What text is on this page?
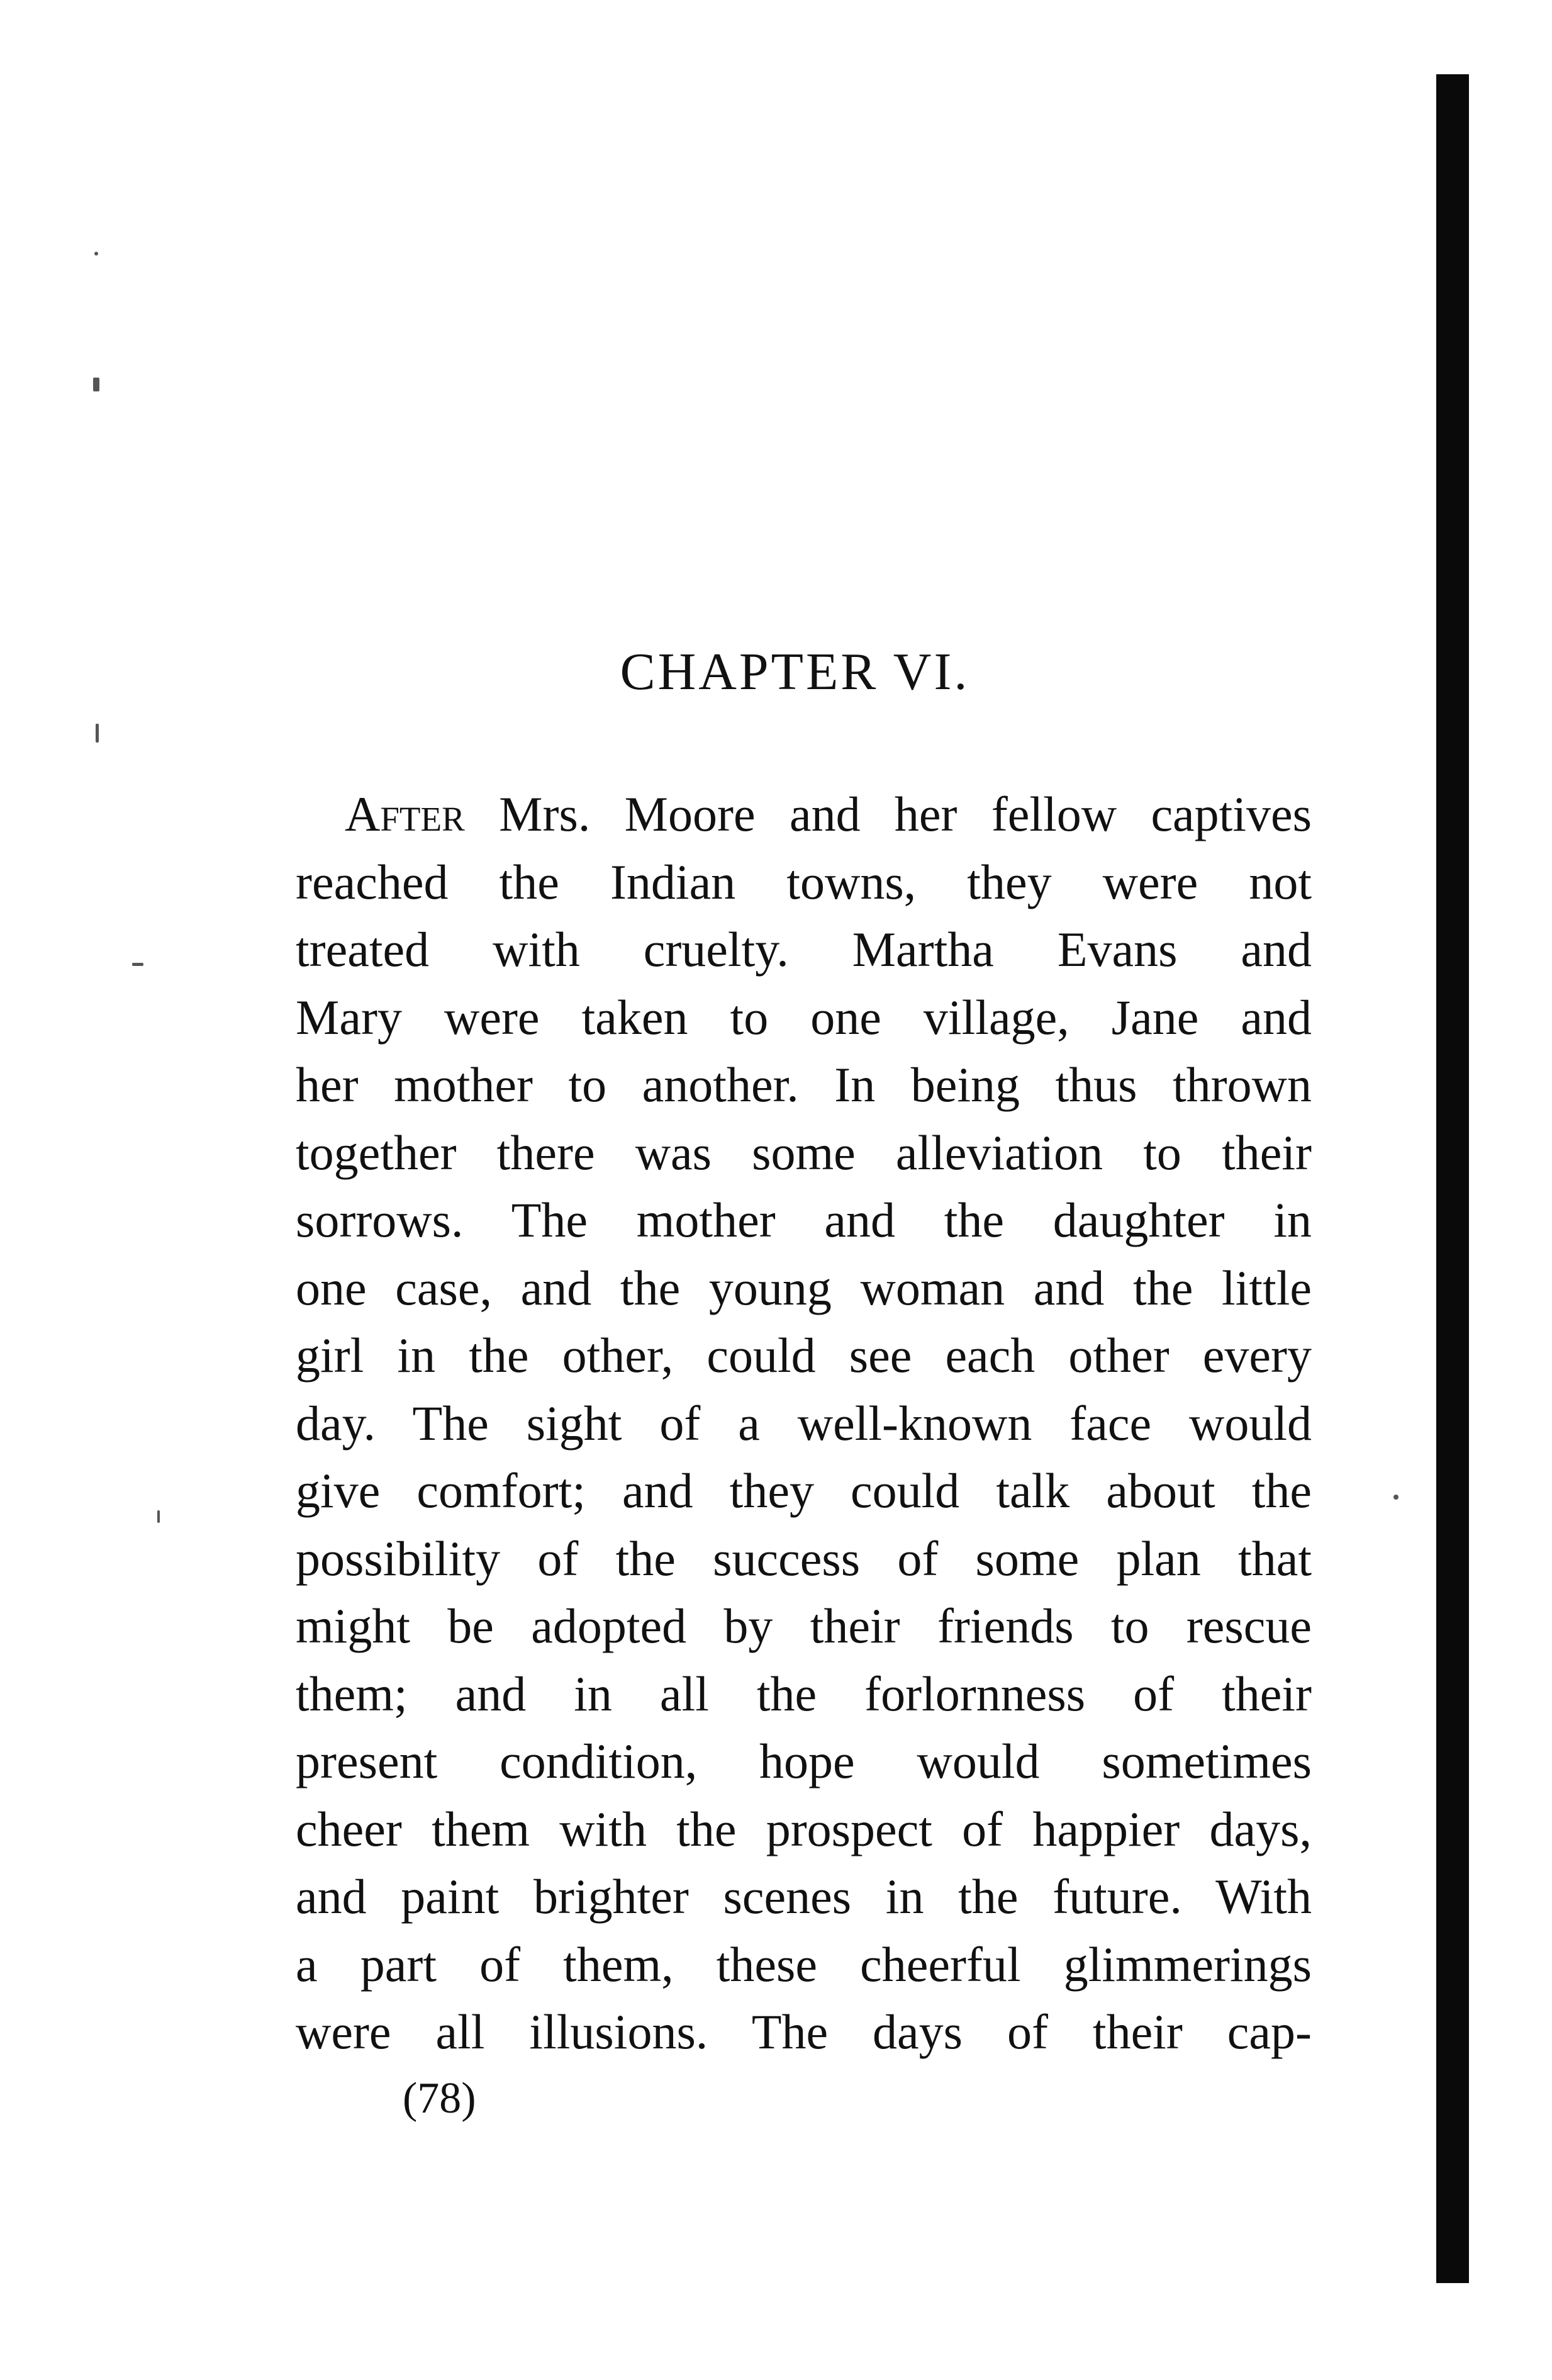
CHAPTER VI.
After Mrs. Moore and her fellow captives
reached the Indian towns, they were not
treated with cruelty. Martha Evans and
Mary were taken to one village, Jane and
her mother to another. In being thus thrown
together there was some alleviation to their
sorrows. The mother and the daughter in
one case, and the young woman and the little
girl in the other, could see each other every
day. The sight of a well-known face would
give comfort; and they could talk about the
possibility of the success of some plan that
might be adopted by their friends to rescue
them; and in all the forlornness of their
present condition, hope would sometimes
cheer them with the prospect of happier days,
and paint brighter scenes in the future. With
a part of them, these cheerful glimmerings
were all illusions. The days of their cap-
(78)
